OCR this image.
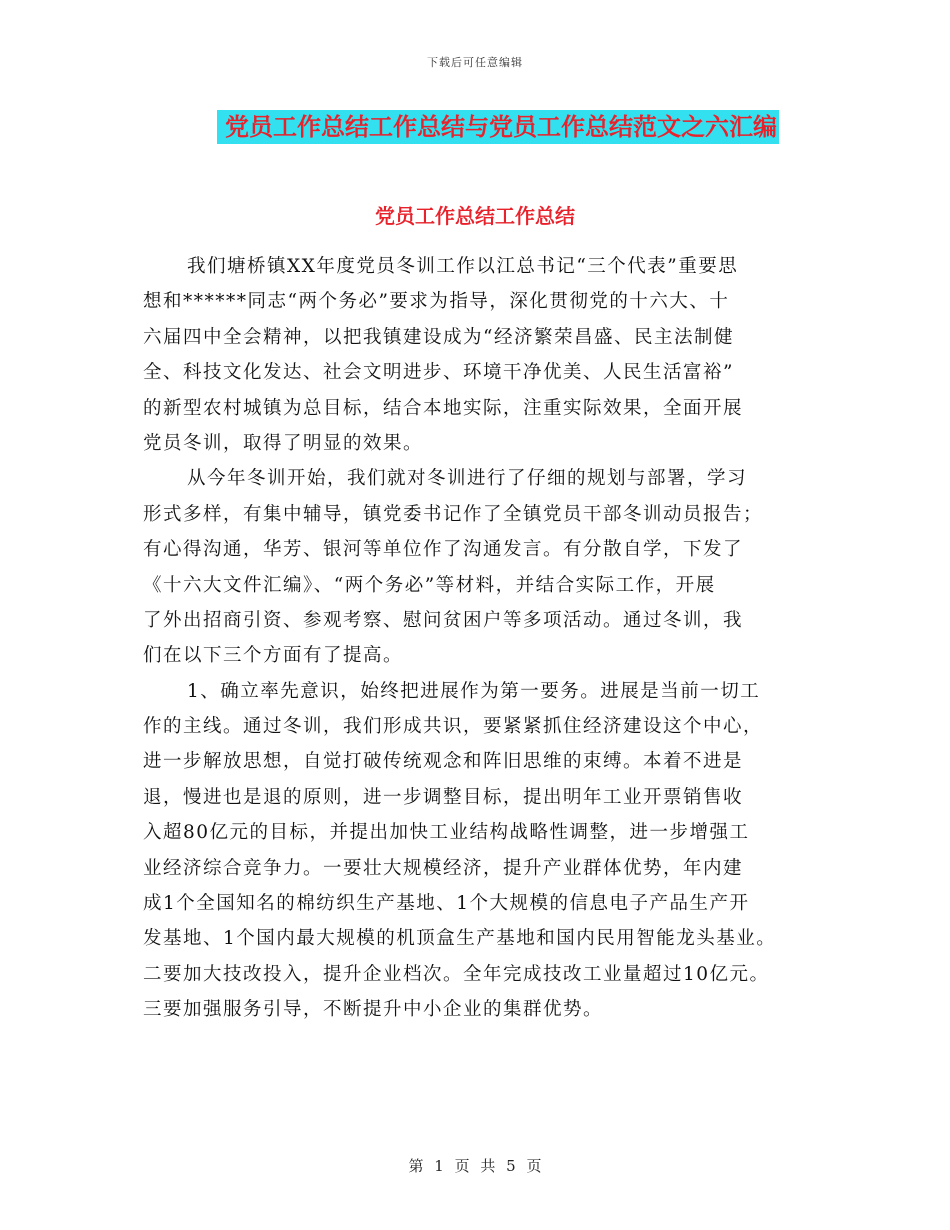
下载后可任意编辑
党员工作总结工作总结与党员工作总结范文之六汇编
党员工作总结工作总结
我们塘桥镇XX年度党员冬训工作以江总书记“三个代表”重要思
想和******同志“两个务必”要求为指导，深化贯彻党的十六大、十
六届四中全会精神，以把我镇建设成为“经济繁荣昌盛、民主法制健
全、科技文化发达、社会文明进步、环境干净优美、人民生活富裕”
的新型农村城镇为总目标，结合本地实际，注重实际效果，全面开展
党员冬训，取得了明显的效果。
从今年冬训开始，我们就对冬训进行了仔细的规划与部署，学习
形式多样，有集中辅导，镇党委书记作了全镇党员干部冬训动员报告；
有心得沟通，华芳、银河等单位作了沟通发言。有分散自学，下发了
《十六大文件汇编》、“两个务必”等材料，并结合实际工作，开展
了外出招商引资、参观考察、慰问贫困户等多项活动。通过冬训，我
们在以下三个方面有了提高。
1、确立率先意识，始终把进展作为第一要务。进展是当前一切工
作的主线。通过冬训，我们形成共识，要紧紧抓住经济建设这个中心，
进一步解放思想，自觉打破传统观念和阵旧思维的束缚。本着不进是
退，慢进也是退的原则，进一步调整目标，提出明年工业开票销售收
入超80亿元的目标，并提出加快工业结构战略性调整，进一步增强工
业经济综合竞争力。一要壮大规模经济，提升产业群体优势，年内建
成1个全国知名的棉纺织生产基地、1个大规模的信息电子产品生产开
发基地、1个国内最大规模的机顶盒生产基地和国内民用智能龙头基业。
二要加大技改投入，提升企业档次。全年完成技改工业量超过10亿元。
三要加强服务引导，不断提升中小企业的集群优势。
第 1 页 共 5 页
